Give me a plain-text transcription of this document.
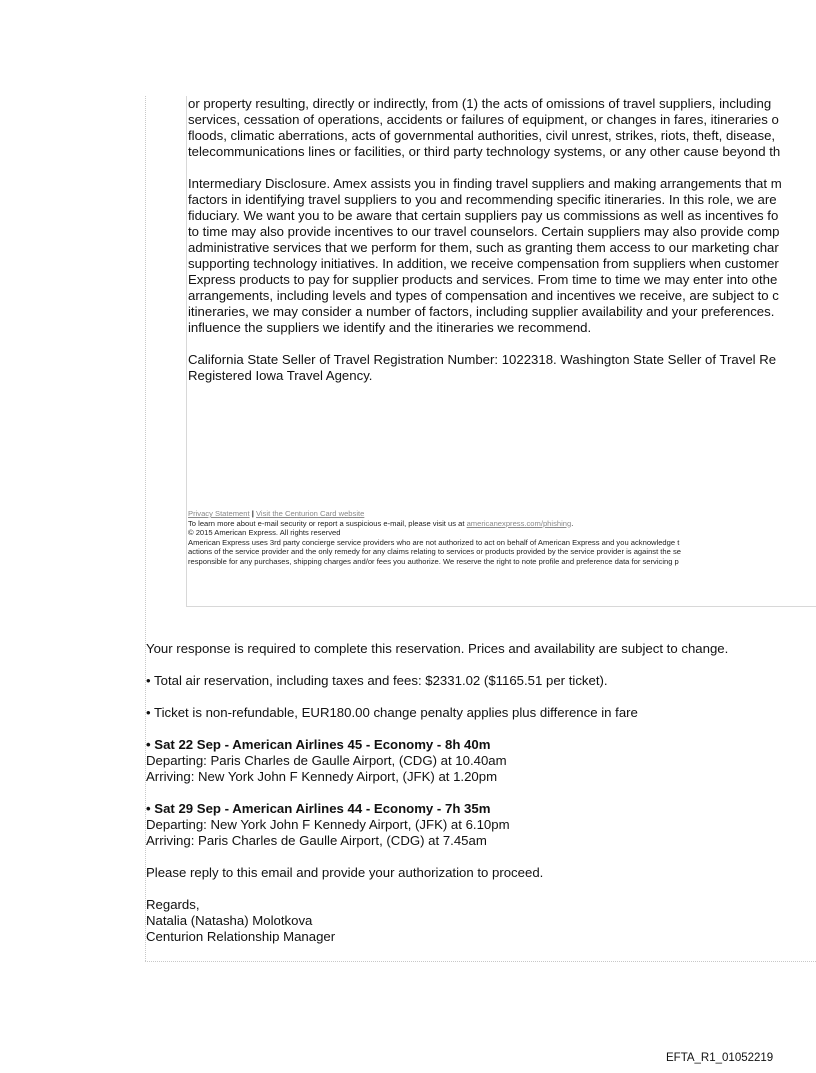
or property resulting, directly or indirectly, from (1) the acts of omissions of travel suppliers, including
services, cessation of operations, accidents or failures of equipment, or changes in fares, itineraries o
floods, climatic aberrations, acts of governmental authorities, civil unrest, strikes, riots, theft, disease,
telecommunications lines or facilities, or third party technology systems, or any other cause beyond th

Intermediary Disclosure. Amex assists you in finding travel suppliers and making arrangements that m
factors in identifying travel suppliers to you and recommending specific itineraries. In this role, we are
fiduciary. We want you to be aware that certain suppliers pay us commissions as well as incentives fo
to time may also provide incentives to our travel counselors. Certain suppliers may also provide comp
administrative services that we perform for them, such as granting them access to our marketing char
supporting technology initiatives. In addition, we receive compensation from suppliers when customer
Express products to pay for supplier products and services. From time to time we may enter into othe
arrangements, including levels and types of compensation and incentives we receive, are subject to c
itineraries, we may consider a number of factors, including supplier availability and your preferences.
influence the suppliers we identify and the itineraries we recommend.

California State Seller of Travel Registration Number: 1022318. Washington State Seller of Travel Re
Registered Iowa Travel Agency.

Privacy Statement | Visit the Centurion Card website
To learn more about e-mail security or report a suspicious e-mail, please visit us at americanexpress.com/phishing.
© 2015 American Express. All rights reserved
American Express uses 3rd party concierge service providers who are not authorized to act on behalf of American Express and you acknowledge t
actions of the service provider and the only remedy for any claims relating to services or products provided by the service provider is against the se
responsible for any purchases, shipping charges and/or fees you authorize. We reserve the right to note profile and preference data for servicing p

Your response is required to complete this reservation. Prices and availability are subject to change.

• Total air reservation, including taxes and fees: $2331.02 ($1165.51 per ticket).

• Ticket is non-refundable, EUR180.00 change penalty applies plus difference in fare

• Sat 22 Sep - American Airlines 45 - Economy - 8h 40m
Departing: Paris Charles de Gaulle Airport, (CDG) at 10.40am
Arriving: New York John F Kennedy Airport, (JFK) at 1.20pm
• Sat 29 Sep - American Airlines 44 - Economy - 7h 35m
Departing: New York John F Kennedy Airport, (JFK) at 6.10pm
Arriving: Paris Charles de Gaulle Airport, (CDG) at 7.45am

Please reply to this email and provide your authorization to proceed.

Regards,
Natalia (Natasha) Molotkova
Centurion Relationship Manager
EFTA_R1_01052219
